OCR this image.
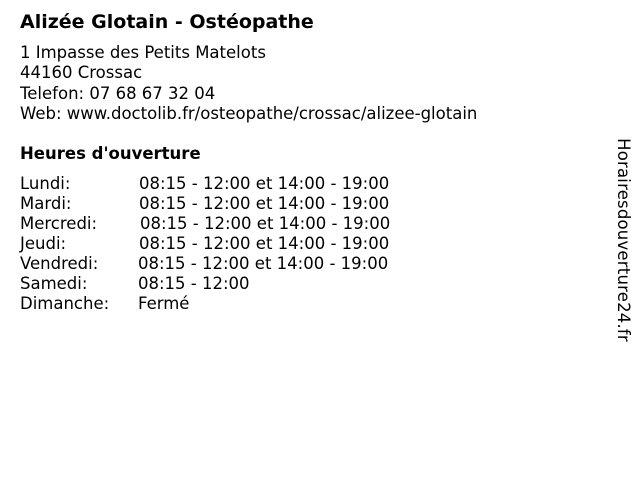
Alizée Glotain - Ostéopathe
1 Impasse des Petits Matelots
44160 Crossac
Telefon: 07 68 67 32 04
Web: www.doctolib.fr/osteopathe/crossac/alizee-glotain
Heures d'ouverture
Lundi:	08:15 - 12:00 et 14:00 - 19:00
Mardi:	08:15 - 12:00 et 14:00 - 19:00
Mercredi:	08:15 - 12:00 et 14:00 - 19:00
Jeudi:	08:15 - 12:00 et 14:00 - 19:00
Vendredi: 08:15 - 12:00 et 14:00 - 19:00
Samedi:	08:15 - 12:00
Dimanche: Fermé	Horairesdouverture24.fr
